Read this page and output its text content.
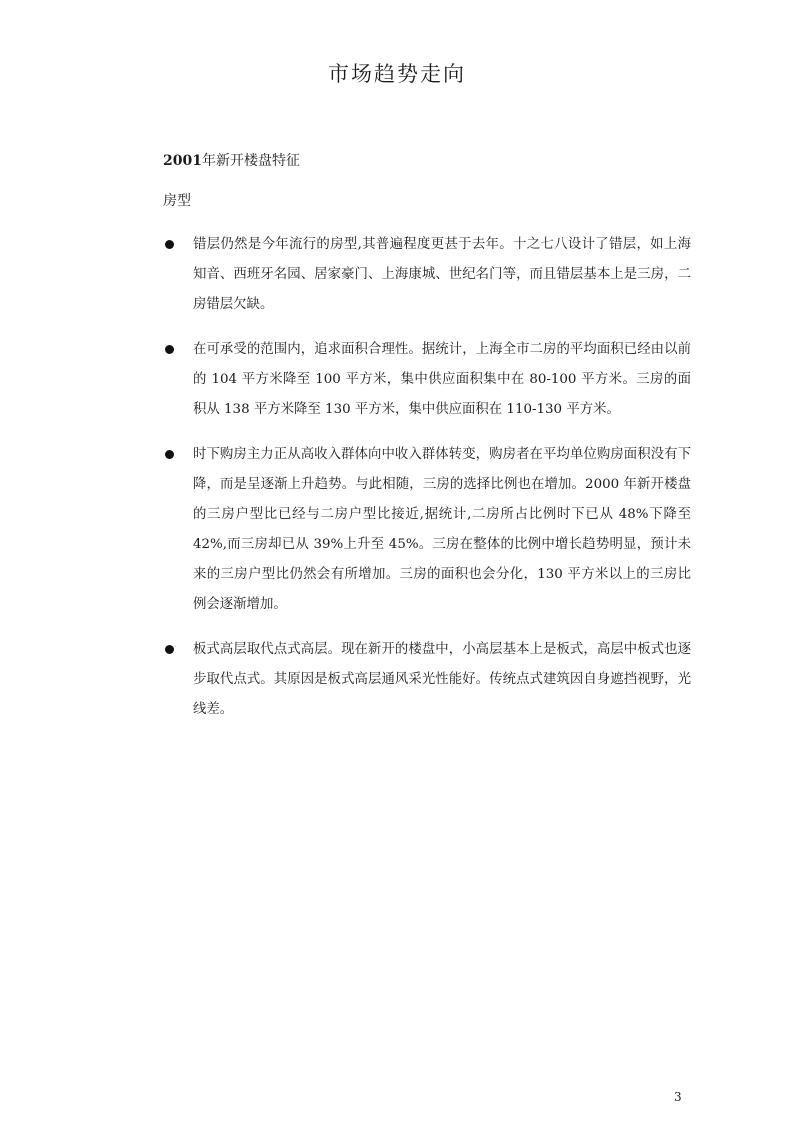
市场趋势走向

2001年新开楼盘特征

房型

错层仍然是今年流行的房型,其普遍程度更甚于去年。十之七八设计了错层，如上海知音、西班牙名园、居家豪门、上海康城、世纪名门等，而且错层基本上是三房，二房错层欠缺。
在可承受的范围内，追求面积合理性。据统计，上海全市二房的平均面积已经由以前的 104 平方米降至 100 平方米，集中供应面积集中在 80-100 平方米。三房的面积从 138 平方米降至 130 平方米，集中供应面积在 110-130 平方米。
时下购房主力正从高收入群体向中收入群体转变，购房者在平均单位购房面积没有下降，而是呈逐渐上升趋势。与此相随，三房的选择比例也在增加。2000 年新开楼盘的三房户型比已经与二房户型比接近,据统计,二房所占比例时下已从 48%下降至 42%,而三房却已从 39%上升至 45%。三房在整体的比例中增长趋势明显，预计未来的三房户型比仍然会有所增加。三房的面积也会分化，130 平方米以上的三房比例会逐渐增加。
板式高层取代点式高层。现在新开的楼盘中，小高层基本上是板式，高层中板式也逐步取代点式。其原因是板式高层通风采光性能好。传统点式建筑因自身遮挡视野，光线差。

3
